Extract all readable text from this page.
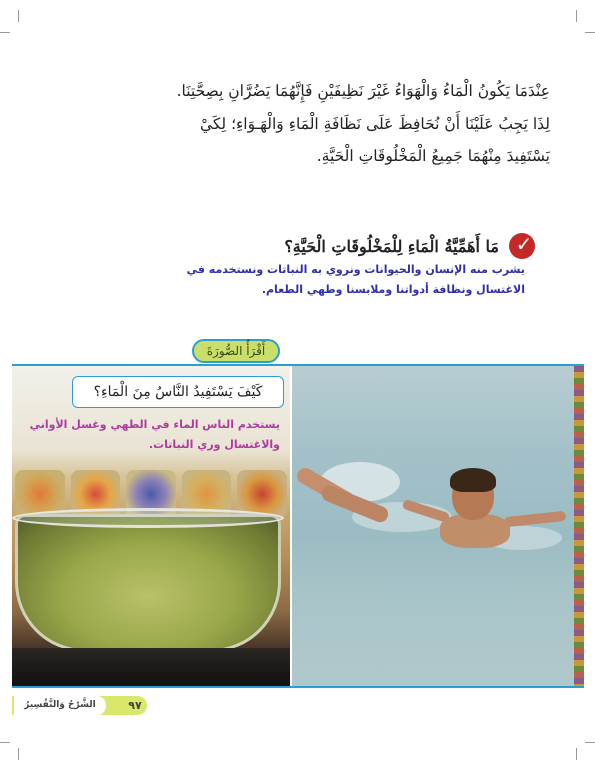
عِنْدَمَا يَكُونُ الْمَاءُ وَالْهَوَاءُ غَيْرَ نَظِيفَيْنِ فَإِنَّهُمَا يَضُرَّانِ بِصِحَّتِنَا.
لِذَا يَجِبُ عَلَيْنَا أَنْ نُحَافِظَ عَلَى نَظَافَةِ الْمَاءِ وَالْهَـوَاءِ؛ لِكَيْ
يَسْتَفِيدَ مِنْهُمَا جَمِيعُ الْمَخْلُوقَاتِ الْحَيَّةِ.
✓
مَا أَهَمِّيَّةُ الْمَاءِ لِلْمَخْلُوقَاتِ الْحَيَّةِ؟
يشرب منه الإنسان والحيوانات ونروي به النباتات ونستخدمه في
الاغتسال ونظافة أدواتنا وملابسنا وطهي الطعام.
كَيْفَ يَسْتَفِيدُ النَّاسُ مِنَ الْمَاءِ؟
يستخدم الناس الماء في الطهي وغسل الأواني
والاغتسال وري النباتات.
أَقْرَأُ الصُّورَةَ
الشَّرْحُ وَالتَّفْسِيرُ	٩٧
